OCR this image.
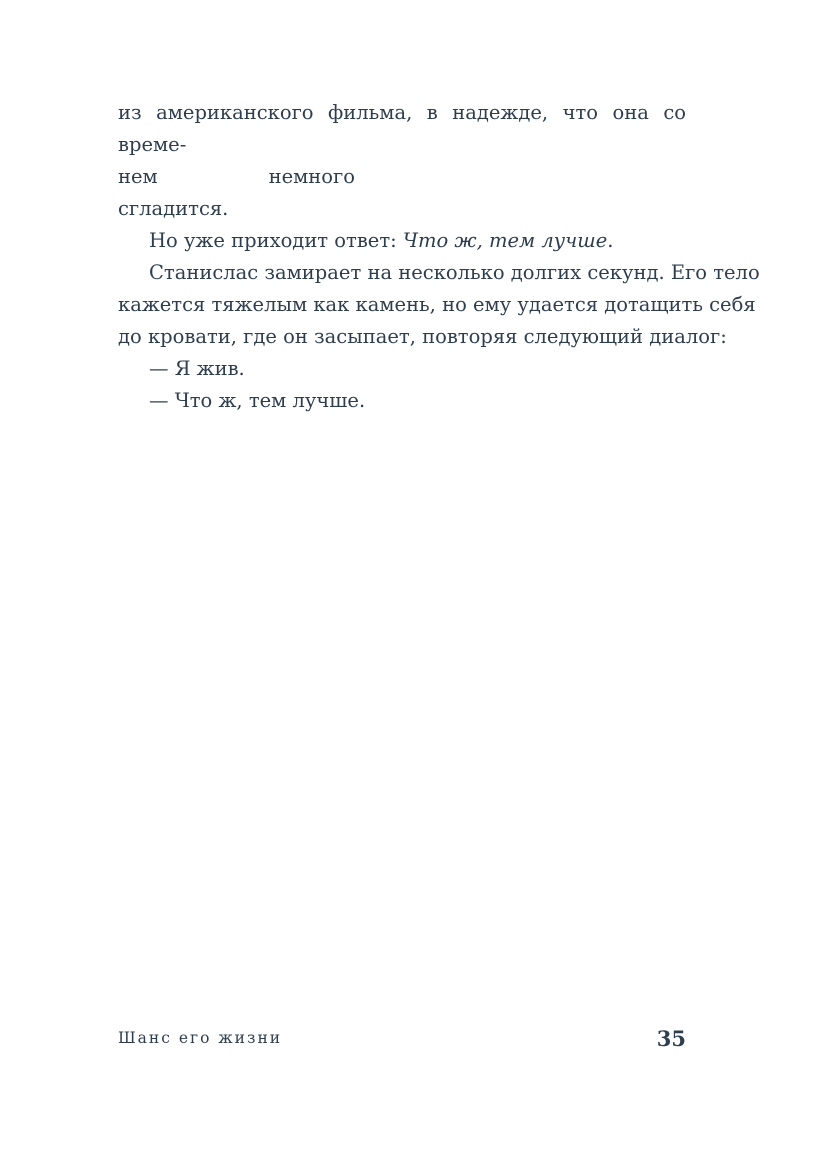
из американского фильма, в надежде, что она со време-
нем немного сгладится.
Но уже приходит ответ: Что ж, тем лучше.
Станислас замирает на несколько долгих секунд. Его тело
кажется тяжелым как камень, но ему удается дотащить себя
до кровати, где он засыпает, повторяя следующий диалог:
— Я жив.
— Что ж, тем лучше.
Шанс его жизни	35
